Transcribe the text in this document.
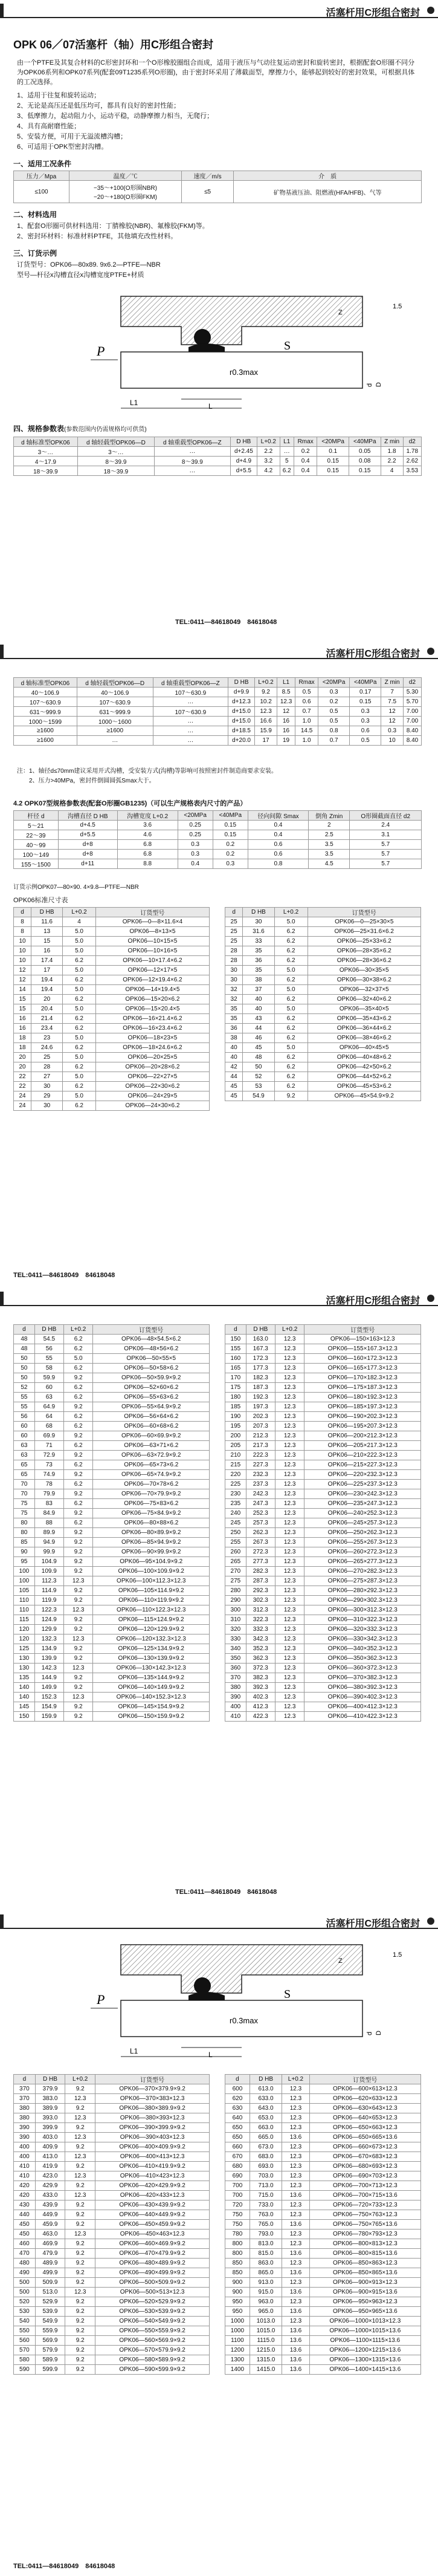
活塞杆用C形组合密封
OPK 06／07活塞杆（轴）用C形组合密封
由一个PTFE及其复合材料的C形密封环和一个O形橡胶圈组合而成，适用于液压与气动往复运动密封和旋转密封，根据配套O形圈不同分为OPK06系列和OPK07系列(配套09T1235系列O形圈)，由于密封环采用了薄截面型，摩擦力小，能够起到较好的密封效果，可根据具体的工况选择。
1、适用于往复和旋转运动；
2、无论是高压还是低压均可，都具有良好的密封性能；
3、低摩擦力，起动阻力小，运动平稳，动静摩擦力相当，无爬行；
4、具有高耐磨性能；
5、安装方便，可用于无溢流槽沟槽；
6、可适用于OPK型密封沟槽。
一、适用工况条件
压力／Mpa	温度／℃	速度／m/s	介　质
≤100	−35～+100(O形圈NBR)
−20～+180(O形圈FKM)	≤5	矿物基液压油、阻燃液(HFA/HFB)、气等
二、材料选用
1、配套O形圈可供材料选用：丁腈橡胶(NBR)、氟橡胶(FKM)等。
2、密封环材料：标准材料PTFE，其他填充改性材料。
三、订货示例
订货型号：OPK06—80x89. 9x6.2—PTFE—NBR
型号—杆径x沟槽直径x沟槽宽度PTFE+材质
L
L1
P
r0.3max
S
D
d
Z
1.5
四、规格参数表(参数范围内仍需规格均可供货)
d 轴标准型OPK06	d 轴轻载型OPK06—D	d 轴重载型OPK06—Z	D HB	L+0.2	L1	Rmax	<20MPa	<40MPa	Z min	d2
3～…	3～…	…	d+2.45	2.2	…	0.2	0.1	0.05	1.8	1.78
4～17.9	8～39.9	8～39.9	d+4.9	3.2	5	0.4	0.15	0.08	2.2	2.62
18～39.9	18～39.9	…	d+5.5	4.2	6.2	0.4	0.15	0.15	4	3.53
TEL:0411—84618049　84618048
活塞杆用C形组合密封
d 轴标准型OPK06	d 轴轻载型OPK06—D	d 轴重载型OPK06—Z	D HB	L+0.2	L1	Rmax	<20MPa	<40MPa	Z min	d2
40～106.9	40～106.9	107～630.9	d+9.9	9.2	8.5	0.5	0.3	0.17	7	5.30
107～630.9	107～630.9	…	d+12.3	10.2	12.3	0.6	0.2	0.15	7.5	5.70
631～999.9	631～999.9	107～630.9	d+15.0	12.3	12	0.7	0.5	0.3	12	7.00
1000～1599	1000～1600	…	d+15.0	16.6	16	1.0	0.5	0.3	12	7.00
≥1600	≥1600	…	d+18.5	15.9	16	14.5	0.8	0.6	0.3	8.40
≥1600	…	…	d+20.0	17	19	1.0	0.7	0.5	10	8.40
注：1、轴径d≤70mm建议采用开式沟槽，受安装方式(沟槽)等影响可按照密封件制造商要求安装。
　　2、压力>40MPa，密封件倒圆圆弧Smax大于。
4.2 OPK07型规格参数表(配套O形圈GB1235)（可以生产规格表内尺寸的产品）
杆径 d	沟槽直径 D HB	沟槽宽度 L+0.2	<20MPa	<40MPa	径向间隙 Smax	倒角 Zmin	O形圈截面直径 d2
5～21	d+4.5	3.6	0.25	0.15	0.4	2	2.4
22～39	d+5.5	4.6	0.25	0.15	0.4	2.5	3.1
40～99	d+8	6.8	0.3	0.2	0.6	3.5	5.7
100～149	d+8	6.8	0.3	0.2	0.6	3.5	5.7
155～1500	d+11	8.8	0.4	0.3	0.8	4.5	5.7
订货示例OPK07—80×90. 4×9.8—PTFE—NBR
OPK06标准尺寸表
d	D HB	L+0.2	订货型号
8	11.6	4	OPK06—0—8×11.6×4
8	13	5.0	OPK06—8×13×5
10	15	5.0	OPK06—10×15×5
10	16	5.0	OPK06—10×16×5
10	17.4	6.2	OPK06—10×17.4×6.2
12	17	5.0	OPK06—12×17×5
12	19.4	6.2	OPK06—12×19.4×6.2
14	19.4	5.0	OPK06—14×19.4×5
15	20	6.2	OPK06—15×20×6.2
15	20.4	5.0	OPK06—15×20.4×5
16	21.4	6.2	OPK06—16×21.4×6.2
16	23.4	6.2	OPK06—16×23.4×6.2
18	23	5.0	OPK06—18×23×5
18	24.6	6.2	OPK06—18×24.6×6.2
20	25	5.0	OPK06—20×25×5
20	28	6.2	OPK06—20×28×6.2
22	27	5.0	OPK06—22×27×5
22	30	6.2	OPK06—22×30×6.2
24	29	5.0	OPK06—24×29×5
24	30	6.2	OPK06—24×30×6.2
d	D HB	L+0.2	订货型号
25	30	5.0	OPK06—0—25×30×5
25	31.6	6.2	OPK06—25×31.6×6.2
25	33	6.2	OPK06—25×33×6.2
28	35	6.2	OPK06—28×35×6.2
28	36	6.2	OPK06—28×36×6.2
30	35	5.0	OPK06—30×35×5
30	38	6.2	OPK06—30×38×6.2
32	37	5.0	OPK06—32×37×5
32	40	6.2	OPK06—32×40×6.2
35	40	5.0	OPK06—35×40×5
35	43	6.2	OPK06—35×43×6.2
36	44	6.2	OPK06—36×44×6.2
38	46	6.2	OPK06—38×46×6.2
40	45	5.0	OPK06—40×45×5
40	48	6.2	OPK06—40×48×6.2
42	50	6.2	OPK06—42×50×6.2
44	52	6.2	OPK06—44×52×6.2
45	53	6.2	OPK06—45×53×6.2
45	54.9	9.2	OPK06—45×54.9×9.2
TEL:0411—84618049　84618048
活塞杆用C形组合密封
d	D HB	L+0.2	订货型号
48	54.5	6.2	OPK06—48×54.5×6.2
48	56	6.2	OPK06—48×56×6.2
50	55	5.0	OPK06—50×55×5
50	58	6.2	OPK06—50×58×6.2
50	59.9	9.2	OPK06—50×59.9×9.2
52	60	6.2	OPK06—52×60×6.2
55	63	6.2	OPK06—55×63×6.2
55	64.9	9.2	OPK06—55×64.9×9.2
56	64	6.2	OPK06—56×64×6.2
60	68	6.2	OPK06—60×68×6.2
60	69.9	9.2	OPK06—60×69.9×9.2
63	71	6.2	OPK06—63×71×6.2
63	72.9	9.2	OPK06—63×72.9×9.2
65	73	6.2	OPK06—65×73×6.2
65	74.9	9.2	OPK06—65×74.9×9.2
70	78	6.2	OPK06—70×78×6.2
70	79.9	9.2	OPK06—70×79.9×9.2
75	83	6.2	OPK06—75×83×6.2
75	84.9	9.2	OPK06—75×84.9×9.2
80	88	6.2	OPK06—80×88×6.2
80	89.9	9.2	OPK06—80×89.9×9.2
85	94.9	9.2	OPK06—85×94.9×9.2
90	99.9	9.2	OPK06—90×99.9×9.2
95	104.9	9.2	OPK06—95×104.9×9.2
100	109.9	9.2	OPK06—100×109.9×9.2
100	112.3	12.3	OPK06—100×112.3×12.3
105	114.9	9.2	OPK06—105×114.9×9.2
110	119.9	9.2	OPK06—110×119.9×9.2
110	122.3	12.3	OPK06—110×122.3×12.3
115	124.9	9.2	OPK06—115×124.9×9.2
120	129.9	9.2	OPK06—120×129.9×9.2
120	132.3	12.3	OPK06—120×132.3×12.3
125	134.9	9.2	OPK06—125×134.9×9.2
130	139.9	9.2	OPK06—130×139.9×9.2
130	142.3	12.3	OPK06—130×142.3×12.3
135	144.9	9.2	OPK06—135×144.9×9.2
140	149.9	9.2	OPK06—140×149.9×9.2
140	152.3	12.3	OPK06—140×152.3×12.3
145	154.9	9.2	OPK06—145×154.9×9.2
150	159.9	9.2	OPK06—150×159.9×9.2
d	D HB	L+0.2	订货型号
150	163.0	12.3	OPK06—150×163×12.3
155	167.3	12.3	OPK06—155×167.3×12.3
160	172.3	12.3	OPK06—160×172.3×12.3
165	177.3	12.3	OPK06—165×177.3×12.3
170	182.3	12.3	OPK06—170×182.3×12.3
175	187.3	12.3	OPK06—175×187.3×12.3
180	192.3	12.3	OPK06—180×192.3×12.3
185	197.3	12.3	OPK06—185×197.3×12.3
190	202.3	12.3	OPK06—190×202.3×12.3
195	207.3	12.3	OPK06—195×207.3×12.3
200	212.3	12.3	OPK06—200×212.3×12.3
205	217.3	12.3	OPK06—205×217.3×12.3
210	222.3	12.3	OPK06—210×222.3×12.3
215	227.3	12.3	OPK06—215×227.3×12.3
220	232.3	12.3	OPK06—220×232.3×12.3
225	237.3	12.3	OPK06—225×237.3×12.3
230	242.3	12.3	OPK06—230×242.3×12.3
235	247.3	12.3	OPK06—235×247.3×12.3
240	252.3	12.3	OPK06—240×252.3×12.3
245	257.3	12.3	OPK06—245×257.3×12.3
250	262.3	12.3	OPK06—250×262.3×12.3
255	267.3	12.3	OPK06—255×267.3×12.3
260	272.3	12.3	OPK06—260×272.3×12.3
265	277.3	12.3	OPK06—265×277.3×12.3
270	282.3	12.3	OPK06—270×282.3×12.3
275	287.3	12.3	OPK06—275×287.3×12.3
280	292.3	12.3	OPK06—280×292.3×12.3
290	302.3	12.3	OPK06—290×302.3×12.3
300	312.3	12.3	OPK06—300×312.3×12.3
310	322.3	12.3	OPK06—310×322.3×12.3
320	332.3	12.3	OPK06—320×332.3×12.3
330	342.3	12.3	OPK06—330×342.3×12.3
340	352.3	12.3	OPK06—340×352.3×12.3
350	362.3	12.3	OPK06—350×362.3×12.3
360	372.3	12.3	OPK06—360×372.3×12.3
370	382.3	12.3	OPK06—370×382.3×12.3
380	392.3	12.3	OPK06—380×392.3×12.3
390	402.3	12.3	OPK06—390×402.3×12.3
400	412.3	12.3	OPK06—400×412.3×12.3
410	422.3	12.3	OPK06—410×422.3×12.3
TEL:0411—84618049　84618048
活塞杆用C形组合密封
L
L1
P
r0.3max
S
D
d
Z
1.5
d	D HB	L+0.2	订货型号
370	379.9	9.2	OPK06—370×379.9×9.2
370	383.0	12.3	OPK06—370×383×12.3
380	389.9	9.2	OPK06—380×389.9×9.2
380	393.0	12.3	OPK06—380×393×12.3
390	399.9	9.2	OPK06—390×399.9×9.2
390	403.0	12.3	OPK06—390×403×12.3
400	409.9	9.2	OPK06—400×409.9×9.2
400	413.0	12.3	OPK06—400×413×12.3
410	419.9	9.2	OPK06—410×419.9×9.2
410	423.0	12.3	OPK06—410×423×12.3
420	429.9	9.2	OPK06—420×429.9×9.2
420	433.0	12.3	OPK06—420×433×12.3
430	439.9	9.2	OPK06—430×439.9×9.2
440	449.9	9.2	OPK06—440×449.9×9.2
450	459.9	9.2	OPK06—450×459.9×9.2
450	463.0	12.3	OPK06—450×463×12.3
460	469.9	9.2	OPK06—460×469.9×9.2
470	479.9	9.2	OPK06—470×479.9×9.2
480	489.9	9.2	OPK06—480×489.9×9.2
490	499.9	9.2	OPK06—490×499.9×9.2
500	509.9	9.2	OPK06—500×509.9×9.2
500	513.0	12.3	OPK06—500×513×12.3
520	529.9	9.2	OPK06—520×529.9×9.2
530	539.9	9.2	OPK06—530×539.9×9.2
540	549.9	9.2	OPK06—540×549.9×9.2
550	559.9	9.2	OPK06—550×559.9×9.2
560	569.9	9.2	OPK06—560×569.9×9.2
570	579.9	9.2	OPK06—570×579.9×9.2
580	589.9	9.2	OPK06—580×589.9×9.2
590	599.9	9.2	OPK06—590×599.9×9.2
d	D HB	L+0.2	订货型号
600	613.0	12.3	OPK06—600×613×12.3
620	633.0	12.3	OPK06—620×633×12.3
630	643.0	12.3	OPK06—630×643×12.3
640	653.0	12.3	OPK06—640×653×12.3
650	663.0	12.3	OPK06—650×663×12.3
650	665.0	13.6	OPK06—650×665×13.6
660	673.0	12.3	OPK06—660×673×12.3
670	683.0	12.3	OPK06—670×683×12.3
680	693.0	12.3	OPK06—680×693×12.3
690	703.0	12.3	OPK06—690×703×12.3
700	713.0	12.3	OPK06—700×713×12.3
700	715.0	13.6	OPK06—700×715×13.6
720	733.0	12.3	OPK06—720×733×12.3
750	763.0	12.3	OPK06—750×763×12.3
750	765.0	13.6	OPK06—750×765×13.6
780	793.0	12.3	OPK06—780×793×12.3
800	813.0	12.3	OPK06—800×813×12.3
800	815.0	13.6	OPK06—800×815×13.6
850	863.0	12.3	OPK06—850×863×12.3
850	865.0	13.6	OPK06—850×865×13.6
900	913.0	12.3	OPK06—900×913×12.3
900	915.0	13.6	OPK06—900×915×13.6
950	963.0	12.3	OPK06—950×963×12.3
950	965.0	13.6	OPK06—950×965×13.6
1000	1013.0	12.3	OPK06—1000×1013×12.3
1000	1015.0	13.6	OPK06—1000×1015×13.6
1100	1115.0	13.6	OPK06—1100×1115×13.6
1200	1215.0	13.6	OPK06—1200×1215×13.6
1300	1315.0	13.6	OPK06—1300×1315×13.6
1400	1415.0	13.6	OPK06—1400×1415×13.6
TEL:0411—84618049　84618048
